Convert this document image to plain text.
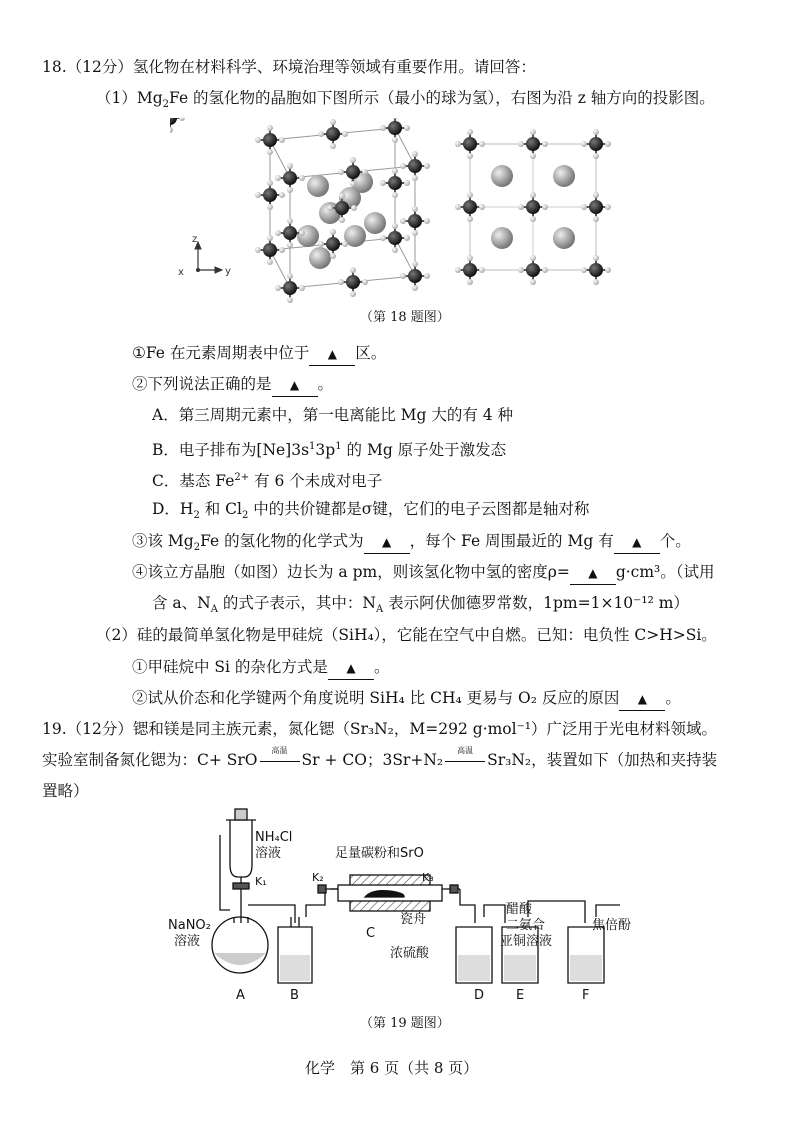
18.（12分）氢化物在材料科学、环境治理等领域有重要作用。请回答：
$(1)Mg_2Fe$ 的氢化物的晶胞如下图所示（最小的球为氢），右图为沿 z 轴方向的投影图。
z
x	y
（第 18 题图）
①Fe 在元素周期表中位于 ▲ 区。
②下列说法正确的是 ▲ 。
A．第三周期元素中，第一电离能比 Mg 大的有 4 种
B．电子排布为$[Ne]3s^13p^1$ 的 Mg 原子处于激发态
C．基态 $Fe^{2+}$ 有 6 个未成对电子
D．$H_2$ 和 $Cl_2$ 中的共价键都是σ键，它们的电子云图都是轴对称
③该 $Mg_2Fe$ 的氢化物的化学式为 ▲ ，每个 Fe 周围最近的 Mg 有 ▲ 个。
④该立方晶胞（如图）边长为 a pm，则该氢化物中氢的密度ρ= ▲ g·cm³。（试用
含 a、$N_A$ 的式子表示，其中：$N_A$ 表示阿伏伽德罗常数，1pm=1×10⁻¹² m）
（2）硅的最简单氢化物是甲硅烷（SiH₄），它能在空气中自燃。已知：电负性 C>H>Si。
①甲硅烷中 Si 的杂化方式是 ▲ 。
②试从价态和化学键两个角度说明 SiH₄ 比 CH₄ 更易与 O₂ 反应的原因 ▲ 。
19.（12分）锶和镁是同主族元素，氮化锶（Sr₃N₂，M=292 g·mol⁻¹）广泛用于光电材料领域。
实验室制备氮化锶为：C+ SrO
高温
Sr + CO；3Sr+N₂
高温
Sr₃N₂，装置如下（加热和夹持装
置略）
NH₄Cl
溶液
K₁
NaNO₂
溶液
K₂	K₃
足量碳粉和SrO
瓷舟
浓硫酸
醋酸
二氨合
亚铜溶液
焦倍酚
A	B
C
D E	F
（第 19 题图）
化学　第 6 页（共 8 页）
